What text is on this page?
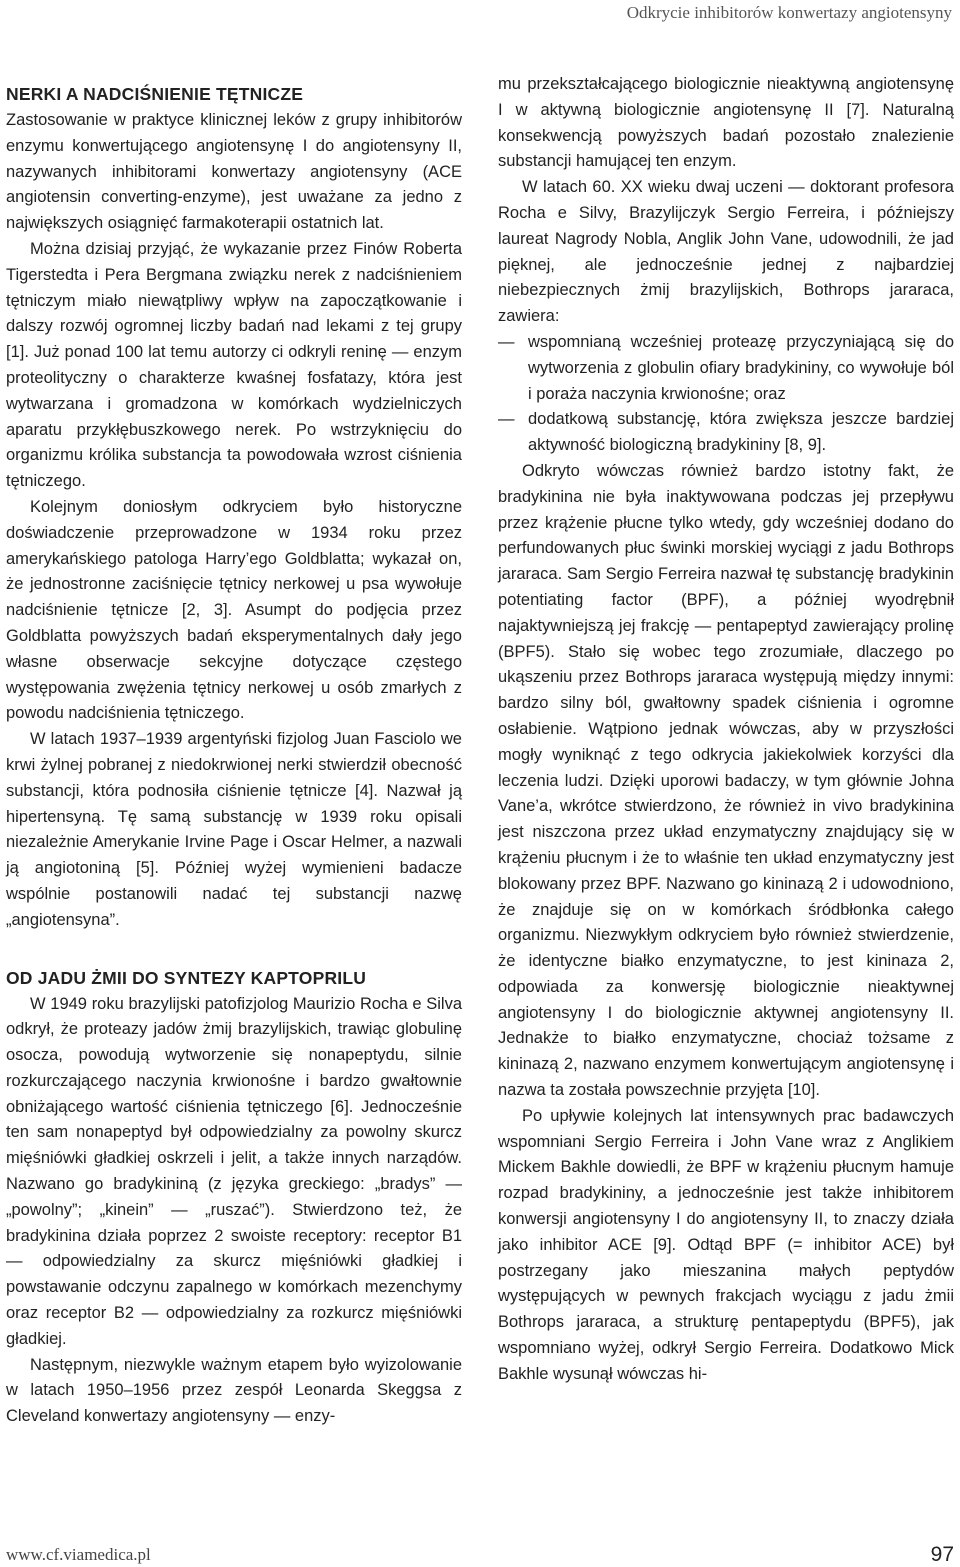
Odkrycie inhibitorów konwertazy angiotensyny
NERKI A NADCIŚNIENIE TĘTNICZE

Zastosowanie w praktyce klinicznej leków z grupy inhibitorów enzymu konwertującego angiotensynę I do angiotensyny II, nazywanych inhibitorami konwertazy angiotensyny (ACE angiotensin converting-enzyme), jest uważane za jedno z największych osiągnięć farmakoterapii ostatnich lat.

Można dzisiaj przyjąć, że wykazanie przez Finów Roberta Tigerstedta i Pera Bergmana związku nerek z nadciśnieniem tętniczym miało niewątpliwy wpływ na zapoczątkowanie i dalszy rozwój ogromnej liczby badań nad lekami z tej grupy [1]. Już ponad 100 lat temu autorzy ci odkryli reninę — enzym proteolityczny o charakterze kwaśnej fosfatazy, która jest wytwarzana i gromadzona w komórkach wydzielniczych aparatu przykłębuszkowego nerek. Po wstrzyknięciu do organizmu królika substancja ta powodowała wzrost ciśnienia tętniczego.

Kolejnym doniosłym odkryciem było historyczne doświadczenie przeprowadzone w 1934 roku przez amerykańskiego patologa Harry’ego Goldblatta; wykazał on, że jednostronne zaciśnięcie tętnicy nerkowej u psa wywołuje nadciśnienie tętnicze [2, 3]. Asumpt do podjęcia przez Goldblatta powyższych badań eksperymentalnych dały jego własne obserwacje sekcyjne dotyczące częstego występowania zwężenia tętnicy nerkowej u osób zmarłych z powodu nadciśnienia tętniczego.

W latach 1937–1939 argentyński fizjolog Juan Fasciolo we krwi żylnej pobranej z niedokrwionej nerki stwierdził obecność substancji, która podnosiła ciśnienie tętnicze [4]. Nazwał ją hipertensyną. Tę samą substancję w 1939 roku opisali niezależnie Amerykanie Irvine Page i Oscar Helmer, a nazwali ją angiotoniną [5]. Później wyżej wymienieni badacze wspólnie postanowili nadać tej substancji nazwę „angiotensyna”.

OD JADU ŻMII DO SYNTEZY KAPTOPRILU

W 1949 roku brazylijski patofizjolog Maurizio Rocha e Silva odkrył, że proteazy jadów żmij brazylijskich, trawiąc globulinę osocza, powodują wytworzenie się nonapeptydu, silnie rozkurczającego naczynia krwionośne i bardzo gwałtownie obniżającego wartość ciśnienia tętniczego [6]. Jednocześnie ten sam nonapeptyd był odpowiedzialny za powolny skurcz mięśniówki gładkiej oskrzeli i jelit, a także innych narządów. Nazwano go bradykininą (z języka greckiego: „bradys” — „powolny”; „kinein” — „ruszać”). Stwierdzono też, że bradykinina działa poprzez 2 swoiste receptory: receptor B1 — odpowiedzialny za skurcz mięśniówki gładkiej i powstawanie odczynu zapalnego w komórkach mezenchymy oraz receptor B2 — odpowiedzialny za rozkurcz mięśniówki gładkiej.

Następnym, niezwykle ważnym etapem było wyizolowanie w latach 1950–1956 przez zespół Leonarda Skeggsa z Cleveland konwertazy angiotensyny — enzy-

mu przekształcającego biologicznie nieaktywną angiotensynę I w aktywną biologicznie angiotensynę II [7]. Naturalną konsekwencją powyższych badań pozostało znalezienie substancji hamującej ten enzym.

W latach 60. XX wieku dwaj uczeni — doktorant profesora Rocha e Silvy, Brazylijczyk Sergio Ferreira, i późniejszy laureat Nagrody Nobla, Anglik John Vane, udowodnili, że jad pięknej, ale jednocześnie jednej z najbardziej niebezpiecznych żmij brazylijskich, Bothrops jararaca, zawiera:

— wspomnianą wcześniej proteazę przyczyniającą się do wytworzenia z globulin ofiary bradykininy, co wywołuje ból i poraża naczynia krwionośne; oraz
— dodatkową substancję, która zwiększa jeszcze bardziej aktywność biologiczną bradykininy [8, 9].

Odkryto wówczas również bardzo istotny fakt, że bradykinina nie była inaktywowana podczas jej przepływu przez krążenie płucne tylko wtedy, gdy wcześniej dodano do perfundowanych płuc świnki morskiej wyciągi z jadu Bothrops jararaca. Sam Sergio Ferreira nazwał tę substancję bradykinin potentiating factor (BPF), a później wyodrębnił najaktywniejszą jej frakcję — pentapeptyd zawierający prolinę (BPF5). Stało się wobec tego zrozumiałe, dlaczego po ukąszeniu przez Bothrops jararaca występują między innymi: bardzo silny ból, gwałtowny spadek ciśnienia i ogromne osłabienie. Wątpiono jednak wówczas, aby w przyszłości mogły wyniknąć z tego odkrycia jakiekolwiek korzyści dla leczenia ludzi. Dzięki uporowi badaczy, w tym głównie Johna Vane’a, wkrótce stwierdzono, że również in vivo bradykinina jest niszczona przez układ enzymatyczny znajdujący się w krążeniu płucnym i że to właśnie ten układ enzymatyczny jest blokowany przez BPF. Nazwano go kininazą 2 i udowodniono, że znajduje się on w komórkach śródbłonka całego organizmu. Niezwykłym odkryciem było również stwierdzenie, że identyczne białko enzymatyczne, to jest kininaza 2, odpowiada za konwersję biologicznie nieaktywnej angiotensyny I do biologicznie aktywnej angiotensyny II. Jednakże to białko enzymatyczne, chociaż tożsame z kininazą 2, nazwano enzymem konwertującym angiotensynę i nazwa ta została powszechnie przyjęta [10].

Po upływie kolejnych lat intensywnych prac badawczych wspomniani Sergio Ferreira i John Vane wraz z Anglikiem Mickem Bakhle dowiedli, że BPF w krążeniu płucnym hamuje rozpad bradykininy, a jednocześnie jest także inhibitorem konwersji angiotensyny I do angiotensyny II, to znaczy działa jako inhibitor ACE [9]. Odtąd BPF (= inhibitor ACE) był postrzegany jako mieszanina małych peptydów występujących w pewnych frakcjach wyciągu z jadu żmii Bothrops jararaca, a strukturę pentapeptydu (BPF5), jak wspomniano wyżej, odkrył Sergio Ferreira. Dodatkowo Mick Bakhle wysunął wówczas hi-

www.cf.viamedica.pl	97
